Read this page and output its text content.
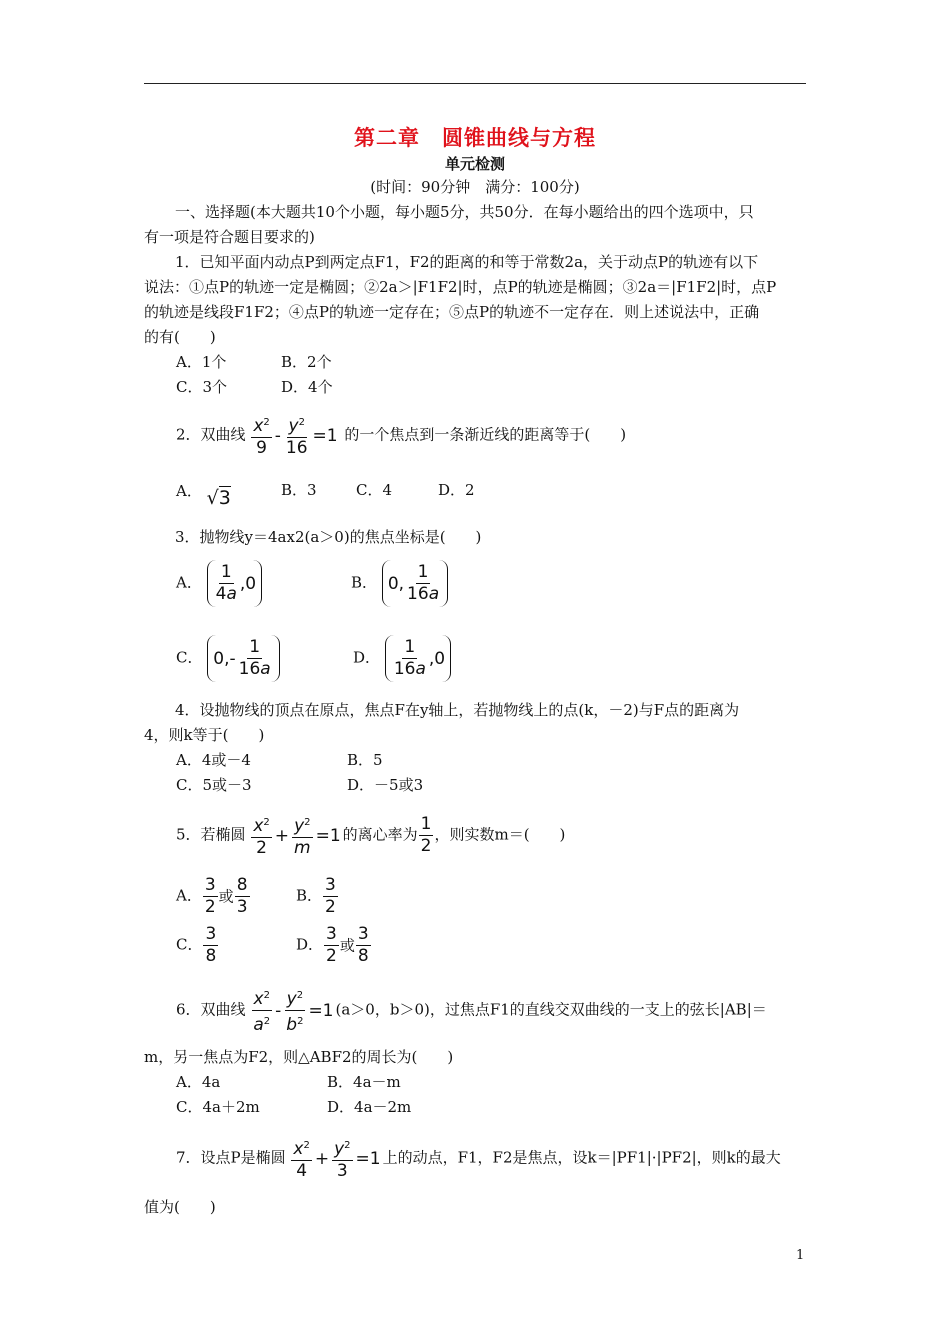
第二章　 圆锥曲线与方程
单元检测
(时间：90分钟　满分：100分)
一、选择题(本大题共10个小题，每小题5分，共50分．在每小题给出的四个选项中，只
有一项是符合题目要求的)
1．已知平面内动点P到两定点F1，F2的距离的和等于常数2a，关于动点P的轨迹有以下
说法：①点P的轨迹一定是椭圆；②2a＞|F1F2|时，点P的轨迹是椭圆；③2a＝|F1F2|时，点P
的轨迹是线段F1F2；④点P的轨迹一定存在；⑤点P的轨迹不一定存在．则上述说法中，正确
的有(　　)
A．1个	B．2个
C．3个	D．4个
2．双曲线 $\frac{x^2}{9} - \frac{y^2}{16} =1$ 的一个焦点到一条渐近线的距离等于(　　)
A． √3	B．3	C．4	D．2
3．抛物线y＝4ax2(a＞0)的焦点坐标是(　　)
A． $\frac{1}{4a} ,0$	B． 0, $\frac{1}{16a}$
C． $0,- \frac{1}{16a}$	D． $\frac{1}{16a} ,0$
4．设抛物线的顶点在原点，焦点F在y轴上，若抛物线上的点(k，－2)与F点的距离为
4，则k等于(　　)
A．4或－4	B．5
C．5或－3	D．－5或3
5．若椭圆 $\frac{x^2}{2} + \frac{y^2}{m} =1$ 的离心率为 $\frac{1}{2}$ ，则实数m＝(　　)
A． $\frac{3}{2}$ 或 $\frac{8}{3}$	B． $\frac{3}{2}$
C． $\frac{3}{8}$	D． $\frac{3}{2}$ 或 $\frac{3}{8}$
6．双曲线 $\frac{x^2}{a^2} - \frac{y^2}{b^2} =1$ (a＞0，b＞0)，过焦点F1的直线交双曲线的一支上的弦长|AB|＝
m，另一焦点为F2，则△ABF2的周长为(　　)
A．4a	B．4a－m
C．4a＋2m	D．4a－2m
7．设点P是椭圆 $\frac{x^2}{4} + \frac{y^2}{3} =1$ 上的动点，F1，F2是焦点，设k＝|PF1|·|PF2|，则k的最大
值为(　　)
1
